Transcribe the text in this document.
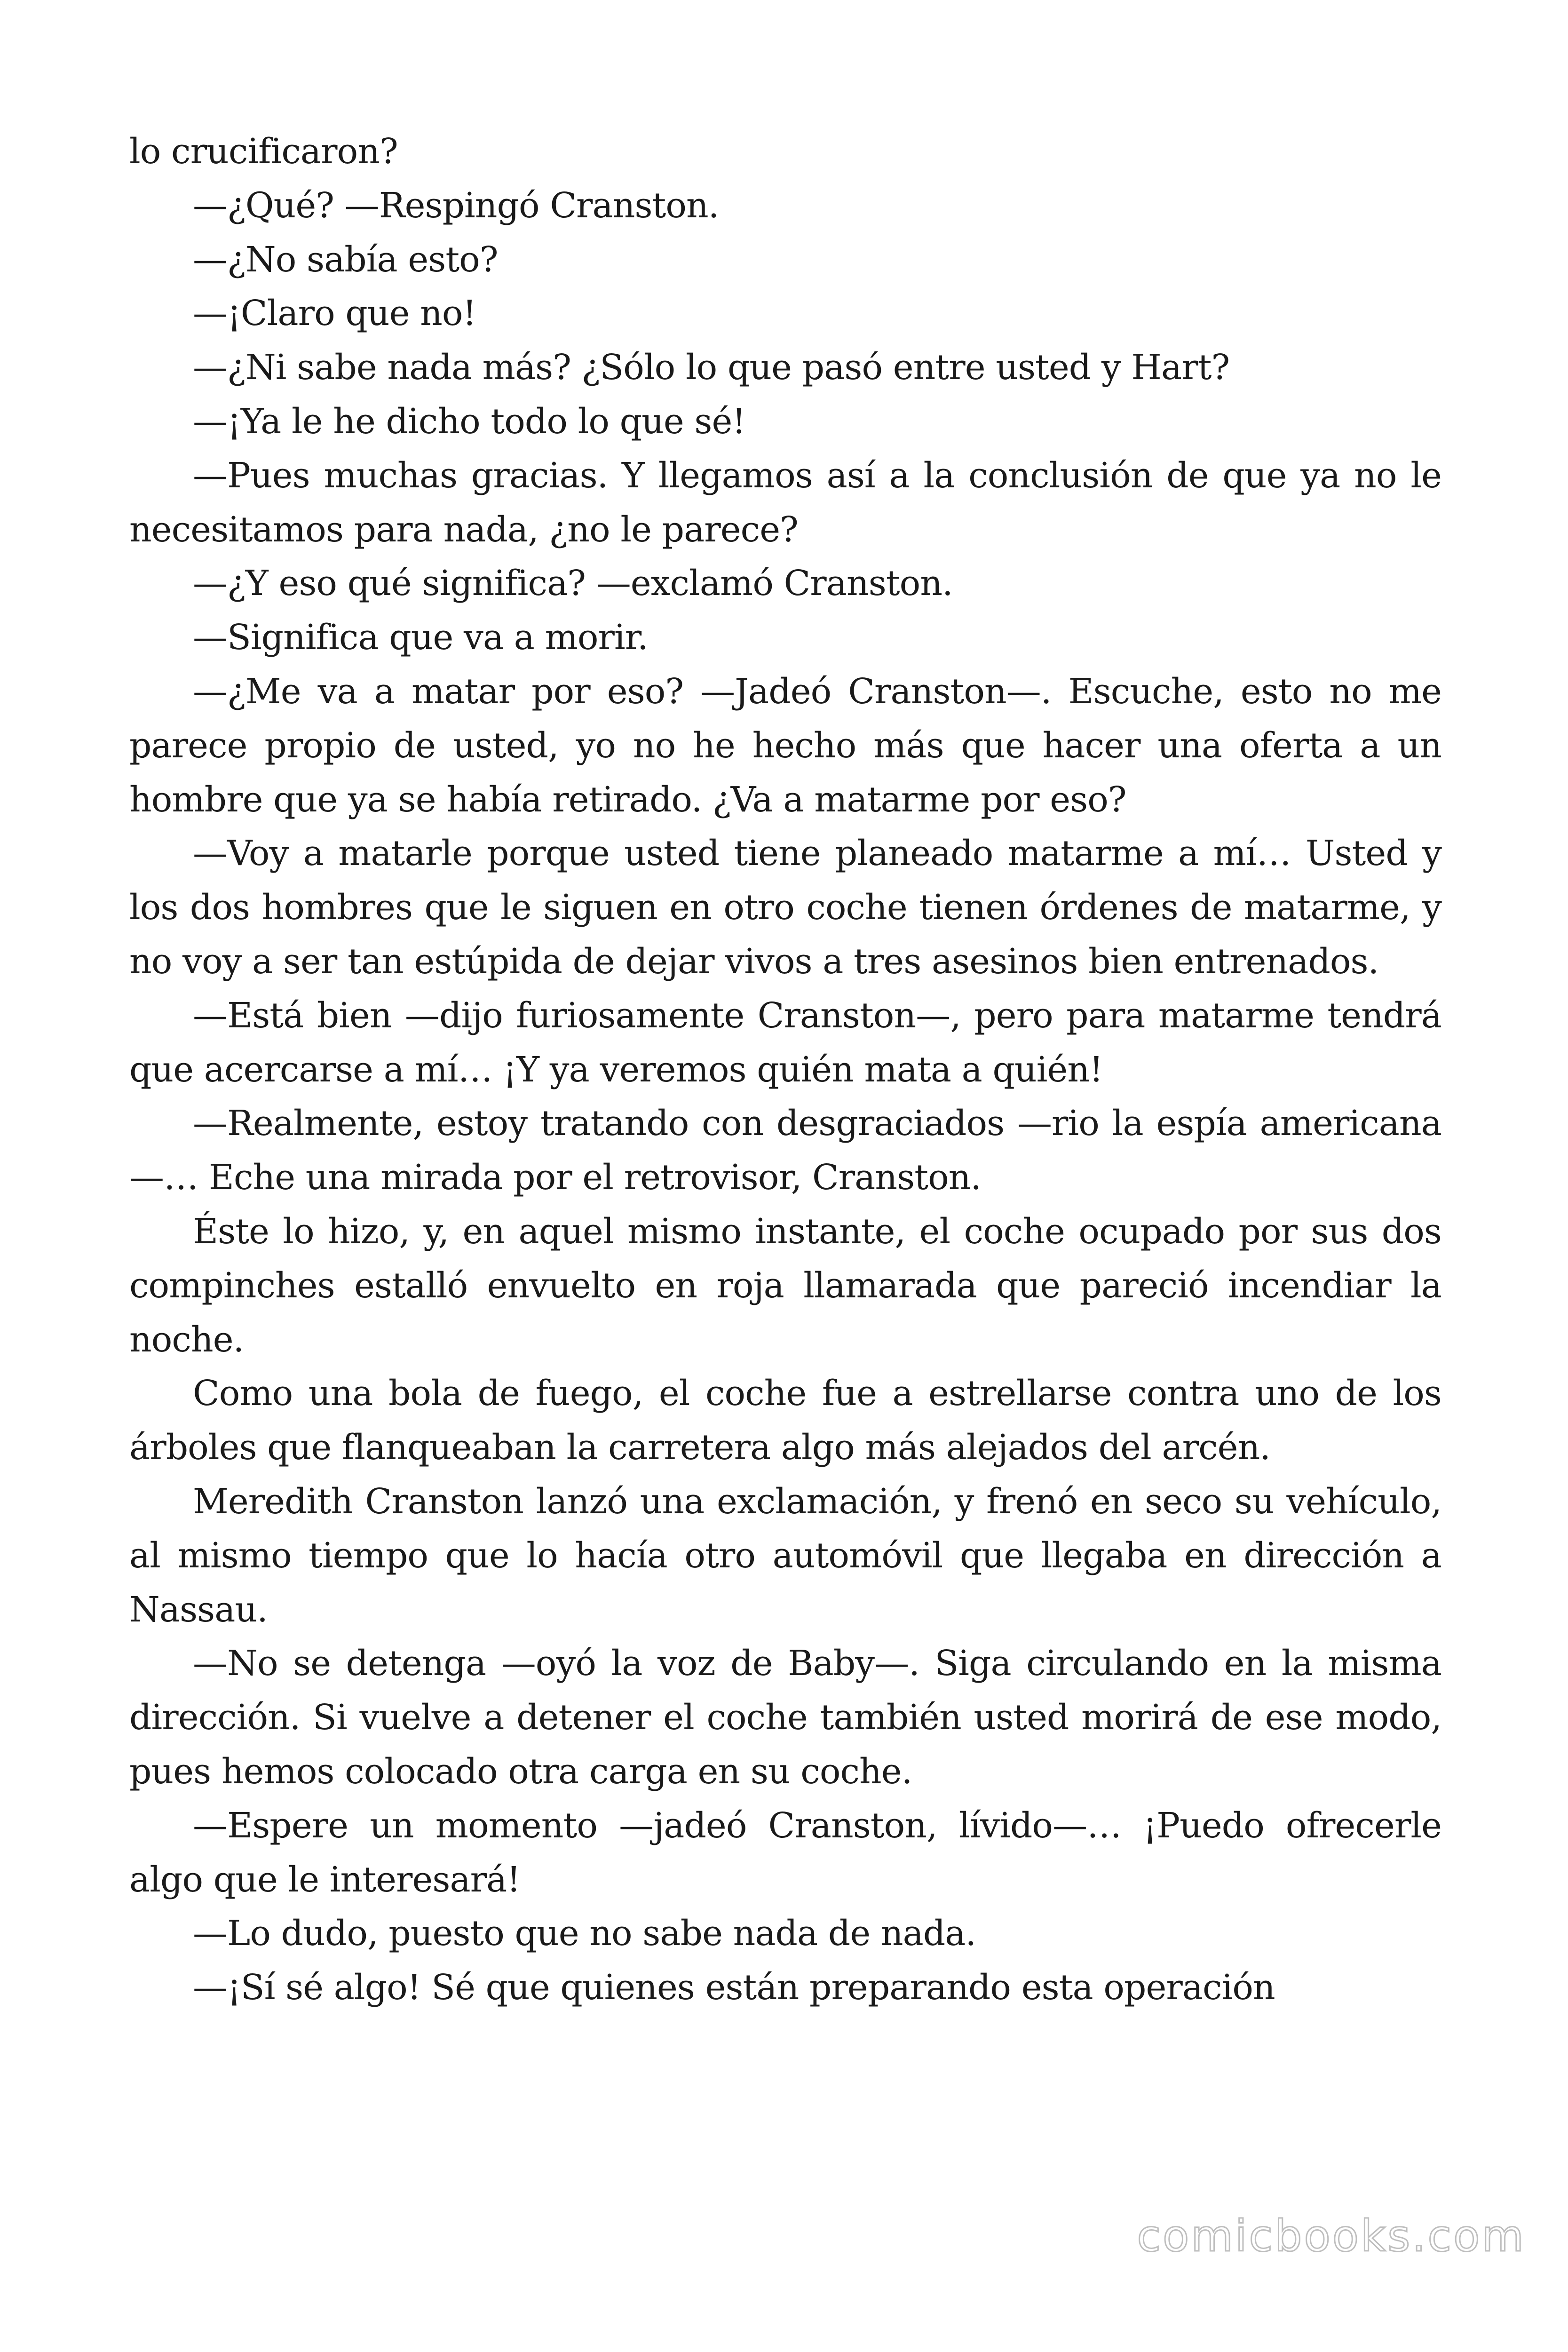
lo crucificaron?

—¿Qué? —Respingó Cranston.

—¿No sabía esto?

—¡Claro que no!

—¿Ni sabe nada más? ¿Sólo lo que pasó entre usted y Hart?

—¡Ya le he dicho todo lo que sé!

—Pues muchas gracias. Y llegamos así a la conclusión de que ya no le necesitamos para nada, ¿no le parece?

—¿Y eso qué significa? —exclamó Cranston.

—Significa que va a morir.

—¿Me va a matar por eso? —Jadeó Cranston—. Escuche, esto no me parece propio de usted, yo no he hecho más que hacer una oferta a un hombre que ya se había retirado. ¿Va a matarme por eso?

—Voy a matarle porque usted tiene planeado matarme a mí… Usted y los dos hombres que le siguen en otro coche tienen órdenes de matarme, y no voy a ser tan estúpida de dejar vivos a tres asesinos bien entrenados.

—Está bien —dijo furiosamente Cranston—, pero para matarme tendrá que acercarse a mí… ¡Y ya veremos quién mata a quién!

—Realmente, estoy tratando con desgraciados —rio la espía americana—… Eche una mirada por el retrovisor, Cranston.

Éste lo hizo, y, en aquel mismo instante, el coche ocupado por sus dos compinches estalló envuelto en roja llamarada que pareció incendiar la noche.

Como una bola de fuego, el coche fue a estrellarse contra uno de los árboles que flanqueaban la carretera algo más alejados del arcén.

Meredith Cranston lanzó una exclamación, y frenó en seco su vehículo, al mismo tiempo que lo hacía otro automóvil que llegaba en dirección a Nassau.

—No se detenga —oyó la voz de Baby—. Siga circulando en la misma dirección. Si vuelve a detener el coche también usted morirá de ese modo, pues hemos colocado otra carga en su coche.

—Espere un momento —jadeó Cranston, lívido—… ¡Puedo ofrecerle algo que le interesará!

—Lo dudo, puesto que no sabe nada de nada.

—¡Sí sé algo! Sé que quienes están preparando esta operación

comicbooks.com
